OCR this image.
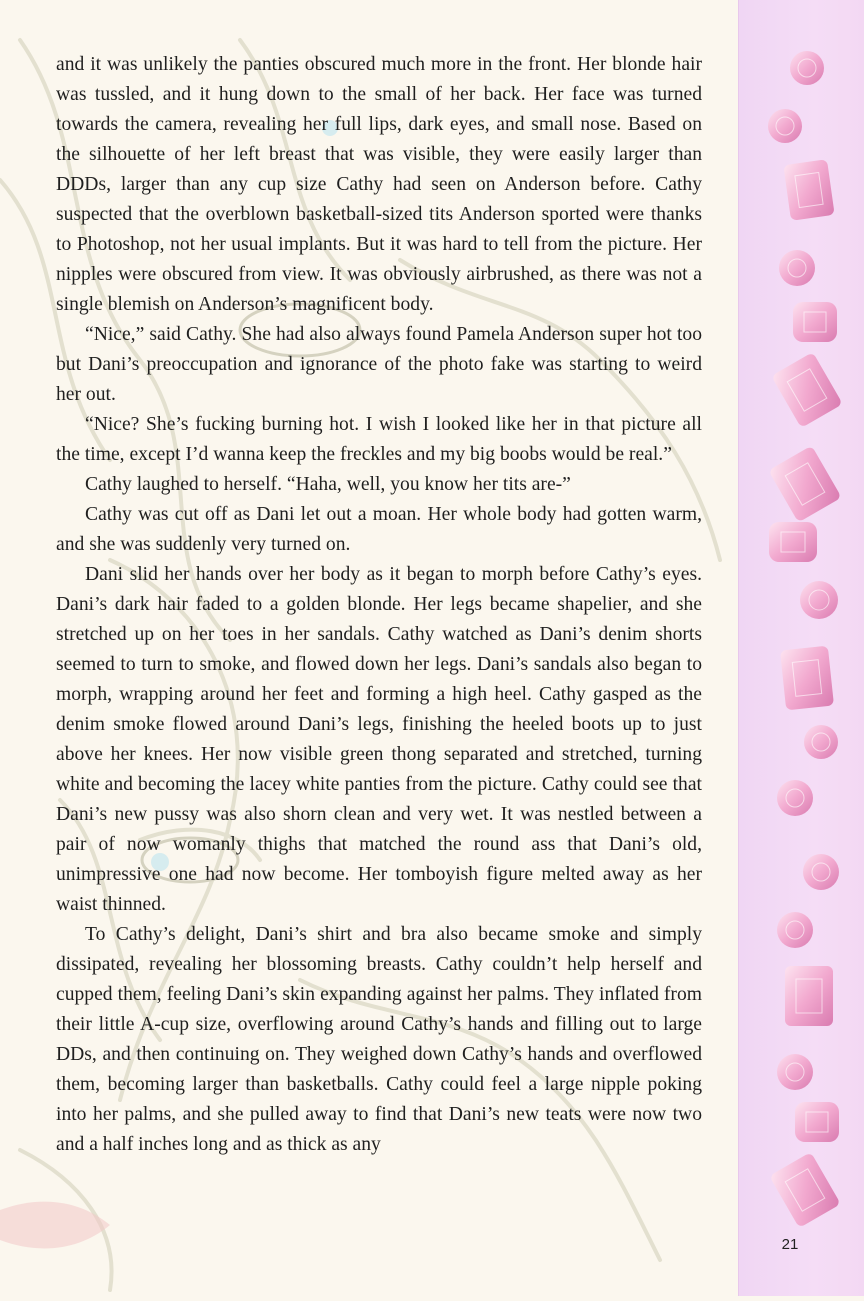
and it was unlikely the panties obscured much more in the front. Her blonde hair was tussled, and it hung down to the small of her back. Her face was turned towards the camera, revealing her full lips, dark eyes, and small nose. Based on the silhouette of her left breast that was visible, they were easily larger than DDDs, larger than any cup size Cathy had seen on Anderson before. Cathy suspected that the overblown basketball-sized tits Anderson sported were thanks to Photoshop, not her usual implants. But it was hard to tell from the picture. Her nipples were obscured from view. It was obviously airbrushed, as there was not a single blemish on Anderson’s magnificent body.

“Nice,” said Cathy. She had also always found Pamela Anderson super hot too but Dani’s preoccupation and ignorance of the photo fake was starting to weird her out.

“Nice? She’s fucking burning hot. I wish I looked like her in that picture all the time, except I’d wanna keep the freckles and my big boobs would be real.”

Cathy laughed to herself. “Haha, well, you know her tits are-”

Cathy was cut off as Dani let out a moan. Her whole body had gotten warm, and she was suddenly very turned on.

Dani slid her hands over her body as it began to morph before Cathy’s eyes. Dani’s dark hair faded to a golden blonde. Her legs became shapelier, and she stretched up on her toes in her sandals. Cathy watched as Dani’s denim shorts seemed to turn to smoke, and flowed down her legs. Dani’s sandals also began to morph, wrapping around her feet and forming a high heel. Cathy gasped as the denim smoke flowed around Dani’s legs, finishing the heeled boots up to just above her knees. Her now visible green thong separated and stretched, turning white and becoming the lacey white panties from the picture. Cathy could see that Dani’s new pussy was also shorn clean and very wet. It was nestled between a pair of now womanly thighs that matched the round ass that Dani’s old, unimpressive one had now become. Her tomboyish figure melted away as her waist thinned.

To Cathy’s delight, Dani’s shirt and bra also became smoke and simply dissipated, revealing her blossoming breasts. Cathy couldn’t help herself and cupped them, feeling Dani’s skin expanding against her palms. They inflated from their little A-cup size, overflowing around Cathy’s hands and filling out to large DDs, and then continuing on. They weighed down Cathy’s hands and overflowed them, becoming larger than basketballs. Cathy could feel a large nipple poking into her palms, and she pulled away to find that Dani’s new teats were now two and a half inches long and as thick as any

21
